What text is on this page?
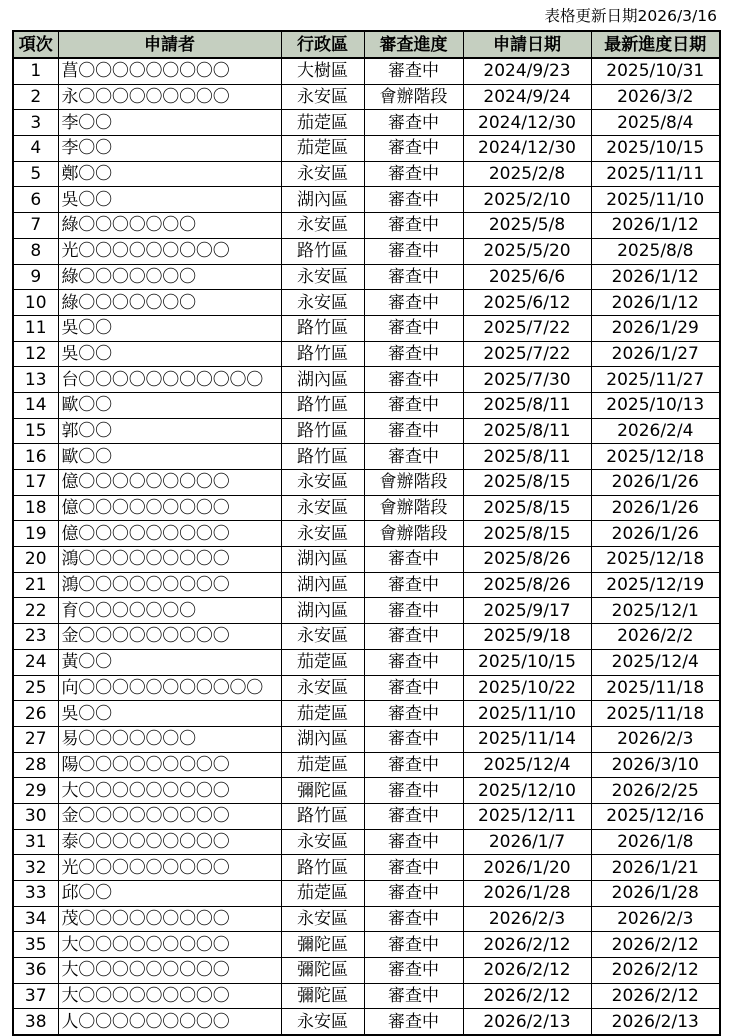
表格更新日期2026/3/16
項次	申請者	行政區	審查進度	申請日期	最新進度日期
1	菖〇〇〇〇〇〇〇〇〇	大樹區	審查中	2024/9/23	2025/10/31
2	永〇〇〇〇〇〇〇〇〇	永安區	會辦階段	2024/9/24	2026/3/2
3	李〇〇	茄萣區	審查中	2024/12/30	2025/8/4
4	李〇〇	茄萣區	審查中	2024/12/30	2025/10/15
5	鄭〇〇	永安區	審查中	2025/2/8	2025/11/11
6	吳〇〇	湖內區	審查中	2025/2/10	2025/11/10
7	綠〇〇〇〇〇〇〇	永安區	審查中	2025/5/8	2026/1/12
8	光〇〇〇〇〇〇〇〇〇	路竹區	審查中	2025/5/20	2025/8/8
9	綠〇〇〇〇〇〇〇	永安區	審查中	2025/6/6	2026/1/12
10	綠〇〇〇〇〇〇〇	永安區	審查中	2025/6/12	2026/1/12
11	吳〇〇	路竹區	審查中	2025/7/22	2026/1/29
12	吳〇〇	路竹區	審查中	2025/7/22	2026/1/27
13	台〇〇〇〇〇〇〇〇〇〇〇	湖內區	審查中	2025/7/30	2025/11/27
14	歐〇〇	路竹區	審查中	2025/8/11	2025/10/13
15	郭〇〇	路竹區	審查中	2025/8/11	2026/2/4
16	歐〇〇	路竹區	審查中	2025/8/11	2025/12/18
17	億〇〇〇〇〇〇〇〇〇	永安區	會辦階段	2025/8/15	2026/1/26
18	億〇〇〇〇〇〇〇〇〇	永安區	會辦階段	2025/8/15	2026/1/26
19	億〇〇〇〇〇〇〇〇〇	永安區	會辦階段	2025/8/15	2026/1/26
20	鴻〇〇〇〇〇〇〇〇〇	湖內區	審查中	2025/8/26	2025/12/18
21	鴻〇〇〇〇〇〇〇〇〇	湖內區	審查中	2025/8/26	2025/12/19
22	育〇〇〇〇〇〇〇	湖內區	審查中	2025/9/17	2025/12/1
23	金〇〇〇〇〇〇〇〇〇	永安區	審查中	2025/9/18	2026/2/2
24	黃〇〇	茄萣區	審查中	2025/10/15	2025/12/4
25	向〇〇〇〇〇〇〇〇〇〇〇	永安區	審查中	2025/10/22	2025/11/18
26	吳〇〇	茄萣區	審查中	2025/11/10	2025/11/18
27	易〇〇〇〇〇〇〇	湖內區	審查中	2025/11/14	2026/2/3
28	陽〇〇〇〇〇〇〇〇〇	茄萣區	審查中	2025/12/4	2026/3/10
29	大〇〇〇〇〇〇〇〇〇	彌陀區	審查中	2025/12/10	2026/2/25
30	金〇〇〇〇〇〇〇〇〇	路竹區	審查中	2025/12/11	2025/12/16
31	泰〇〇〇〇〇〇〇〇〇	永安區	審查中	2026/1/7	2026/1/8
32	光〇〇〇〇〇〇〇〇〇	路竹區	審查中	2026/1/20	2026/1/21
33	邱〇〇	茄萣區	審查中	2026/1/28	2026/1/28
34	茂〇〇〇〇〇〇〇〇〇	永安區	審查中	2026/2/3	2026/2/3
35	大〇〇〇〇〇〇〇〇〇	彌陀區	審查中	2026/2/12	2026/2/12
36	大〇〇〇〇〇〇〇〇〇	彌陀區	審查中	2026/2/12	2026/2/12
37	大〇〇〇〇〇〇〇〇〇	彌陀區	審查中	2026/2/12	2026/2/12
38	人〇〇〇〇〇〇〇〇〇	永安區	審查中	2026/2/13	2026/2/13
